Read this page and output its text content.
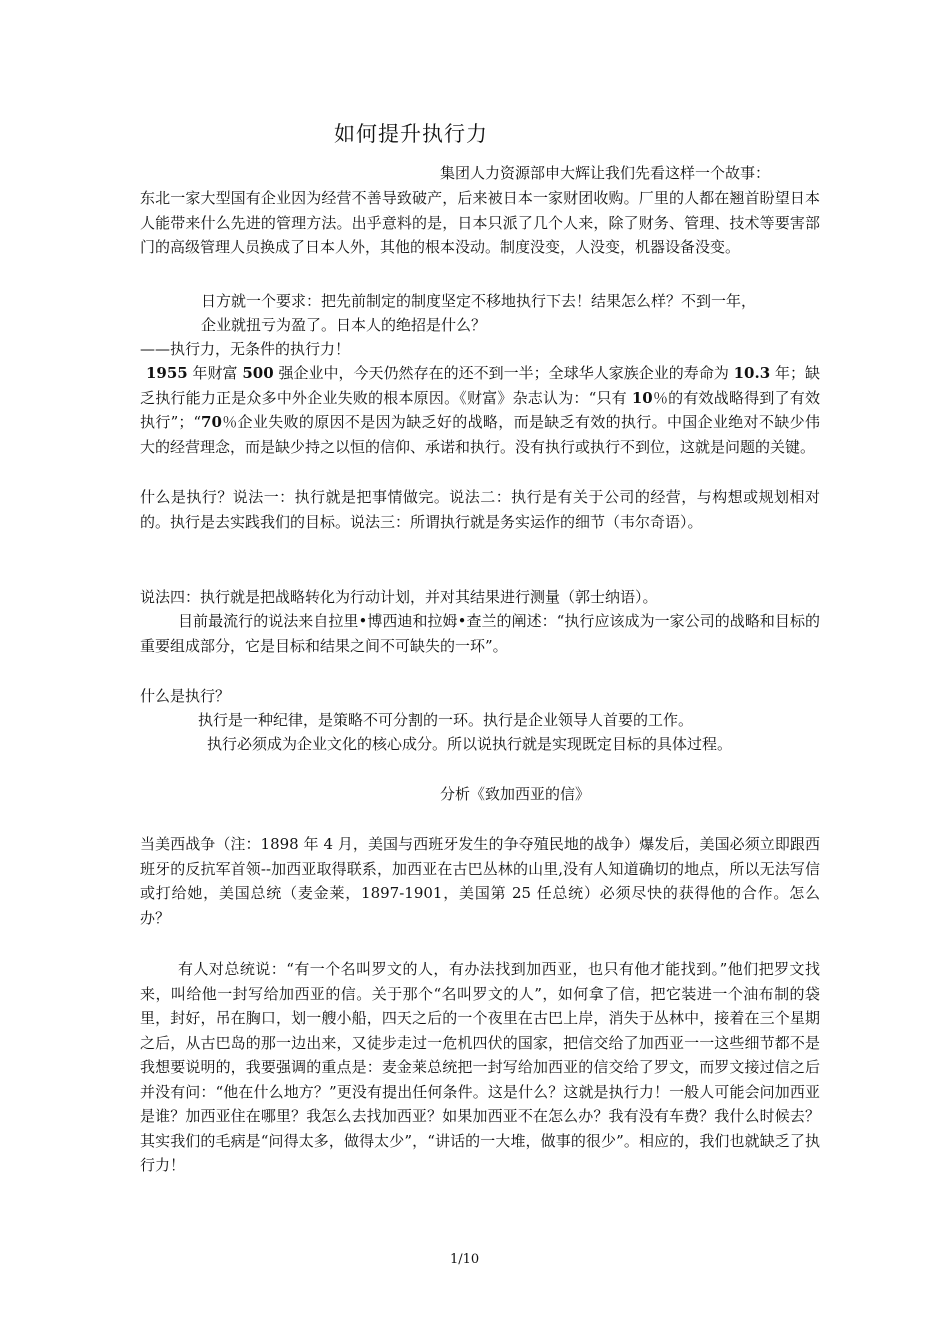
如何提升执行力
集团人力资源部申大辉让我们先看这样一个故事：
东北一家大型国有企业因为经营不善导致破产，后来被日本一家财团收购。厂里的人都在翘首盼望日本人能带来什么先进的管理方法。出乎意料的是，日本只派了几个人来，除了财务、管理、技术等要害部门的高级管理人员换成了日本人外，其他的根本没动。制度没变，人没变，机器设备没变。
日方就一个要求：把先前制定的制度坚定不移地执行下去！结果怎么样？不到一年，
企业就扭亏为盈了。日本人的绝招是什么？
——执行力，无条件的执行力！
1955 年财富 500 强企业中，今天仍然存在的还不到一半；全球华人家族企业的寿命为 10.3 年；缺乏执行能力正是众多中外企业失败的根本原因。《财富》杂志认为：“只有 10％的有效战略得到了有效执行”；“70％企业失败的原因不是因为缺乏好的战略，而是缺乏有效的执行。中国企业绝对不缺少伟大的经营理念，而是缺少持之以恒的信仰、承诺和执行。没有执行或执行不到位，这就是问题的关键。
什么是执行？说法一：执行就是把事情做完。说法二：执行是有关于公司的经营，与构想或规划相对的。执行是去实践我们的目标。说法三：所谓执行就是务实运作的细节（韦尔奇语）。
说法四：执行就是把战略转化为行动计划，并对其结果进行测量（郭士纳语）。
目前最流行的说法来自拉里•博西迪和拉姆•查兰的阐述：“执行应该成为一家公司的战略和目标的重要组成部分，它是目标和结果之间不可缺失的一环”。
什么是执行？
执行是一种纪律，是策略不可分割的一环。执行是企业领导人首要的工作。
执行必须成为企业文化的核心成分。所以说执行就是实现既定目标的具体过程。
分析《致加西亚的信》
当美西战争（注：1898 年 4 月，美国与西班牙发生的争夺殖民地的战争）爆发后，美国必须立即跟西班牙的反抗军首领--加西亚取得联系，加西亚在古巴丛林的山里,没有人知道确切的地点，所以无法写信或打给她，美国总统（麦金莱，1897-1901，美国第 25 任总统）必须尽快的获得他的合作。怎么办？
有人对总统说：“有一个名叫罗文的人，有办法找到加西亚，也只有他才能找到。”他们把罗文找来，叫给他一封写给加西亚的信。关于那个“名叫罗文的人”，如何拿了信，把它装进一个油布制的袋里，封好，吊在胸口，划一艘小船，四天之后的一个夜里在古巴上岸，消失于丛林中，接着在三个星期之后，从古巴岛的那一边出来，又徒步走过一危机四伏的国家，把信交给了加西亚一一这些细节都不是我想要说明的，我要强调的重点是：麦金莱总统把一封写给加西亚的信交给了罗文，而罗文接过信之后并没有问：“他在什么地方？”更没有提出任何条件。这是什么？这就是执行力！一般人可能会问加西亚是谁？加西亚住在哪里？我怎么去找加西亚？如果加西亚不在怎么办？我有没有车费？我什么时候去？其实我们的毛病是“问得太多，做得太少”，“讲话的一大堆，做事的很少”。相应的，我们也就缺乏了执行力！
1/10
